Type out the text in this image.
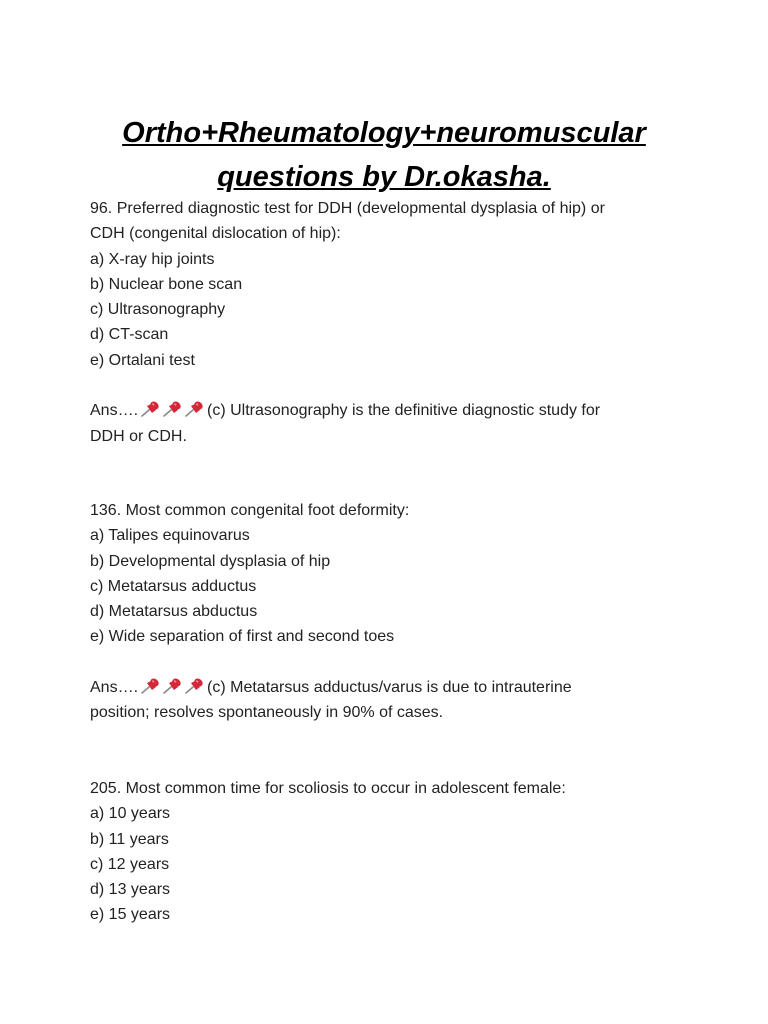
Ortho+Rheumatology+neuromuscular
questions by Dr.okasha.
96. Preferred diagnostic test for DDH (developmental dysplasia of hip) or
CDH (congenital dislocation of hip):
a) X-ray hip joints
b) Nuclear bone scan
c) Ultrasonography
d) CT-scan
e) Ortalani test
Ans….	(c) Ultrasonography is the definitive diagnostic study for
DDH or CDH.
136. Most common congenital foot deformity:
a) Talipes equinovarus
b) Developmental dysplasia of hip
c) Metatarsus adductus
d) Metatarsus abductus
e) Wide separation of first and second toes
Ans….	(c) Metatarsus adductus/varus is due to intrauterine
position; resolves spontaneously in 90% of cases.
205. Most common time for scoliosis to occur in adolescent female:
a) 10 years
b) 11 years
c) 12 years
d) 13 years
e) 15 years
